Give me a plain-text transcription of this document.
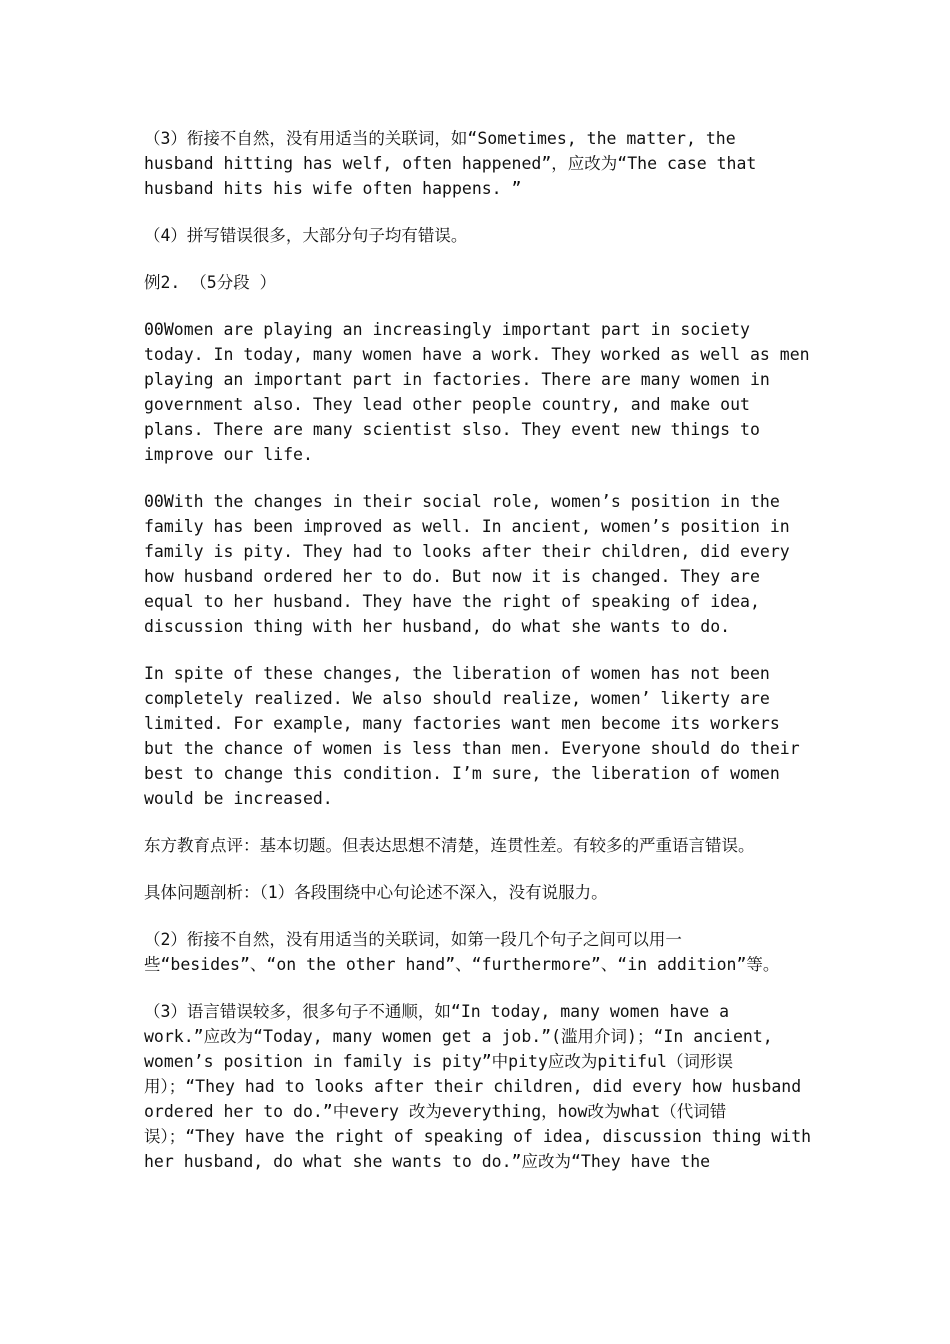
（3）衔接不自然，没有用适当的关联词，如“Sometimes, the matter, the husband hitting has welf, often happened”，应改为“The case that husband hits his wife often happens. ”

（4）拼写错误很多，大部分句子均有错误。

例2. （5分段 ）

00Women are playing an increasingly important part in society today. In today, many women have a work. They worked as well as men playing an important part in factories. There are many women in government also. They lead other people country, and make out plans. There are many scientist slso. They event new things to improve our life.

00With the changes in their social role, women’s position in the family has been improved as well. In ancient, women’s position in family is pity. They had to looks after their children, did every how husband ordered her to do. But now it is changed. They are equal to her husband. They have the right of speaking of idea, discussion thing with her husband, do what she wants to do.

In spite of these changes, the liberation of women has not been completely realized. We also should realize, women’ likerty are limited. For example, many factories want men become its workers but the chance of women is less than men. Everyone should do their best to change this condition. I’m sure, the liberation of women would be increased.

东方教育点评：基本切题。但表达思想不清楚，连贯性差。有较多的严重语言错误。

具体问题剖析：（1）各段围绕中心句论述不深入，没有说服力。

（2）衔接不自然，没有用适当的关联词，如第一段几个句子之间可以用一些“besides”、“on the other hand”、“furthermore”、“in addition”等。

（3）语言错误较多，很多句子不通顺，如“In today, many women have a work.”应改为“Today, many women get a job.”(滥用介词)；“In ancient, women’s position in family is pity”中pity应改为pitiful（词形误用）；“They had to looks after their children, did every how husband ordered her to do.”中every 改为everything，how改为what（代词错误）；“They have the right of speaking of idea, discussion thing with her husband, do what she wants to do.”应改为“They have the
